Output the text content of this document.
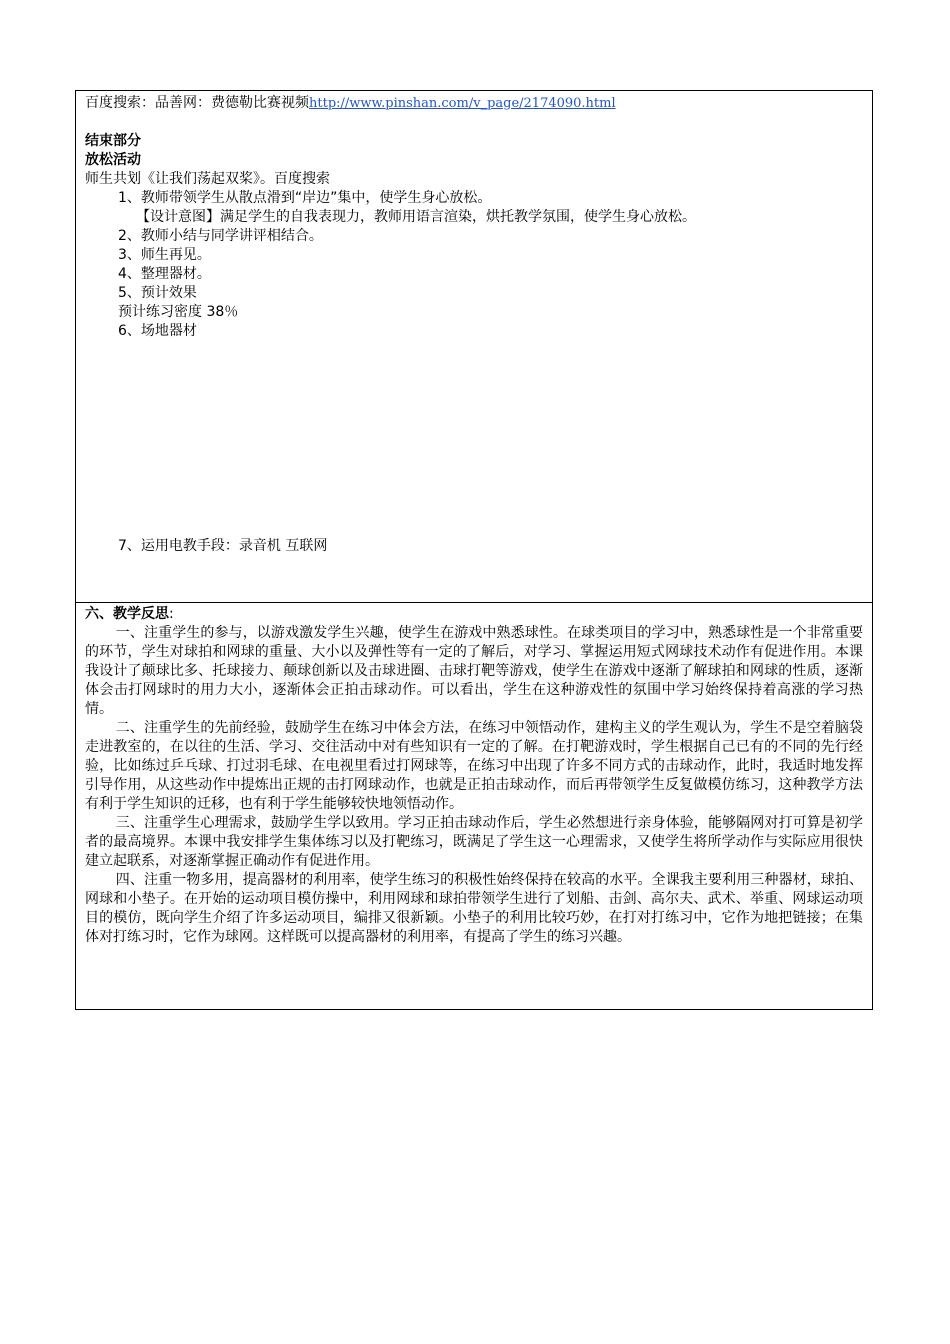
百度搜索：品善网：费德勒比赛视频http://www.pinshan.com/v_page/2174090.html
结束部分
放松活动
师生共划《让我们荡起双桨》。百度搜索
1、教师带领学生从散点滑到“岸边”集中，使学生身心放松。
【设计意图】满足学生的自我表现力，教师用语言渲染，烘托教学氛围，使学生身心放松。
2、教师小结与同学讲评相结合。
3、师生再见。
4、整理器材。
5、预计效果
预计练习密度 38％
6、场地器材
7、运用电教手段：录音机 互联网
六、教学反思:

一、注重学生的参与，以游戏激发学生兴趣，使学生在游戏中熟悉球性。在球类项目的学习中，熟悉球性是一个非常重要的环节，学生对球拍和网球的重量、大小以及弹性等有一定的了解后，对学习、掌握运用短式网球技术动作有促进作用。本课我设计了颠球比多、托球接力、颠球创新以及击球进圈、击球打靶等游戏，使学生在游戏中逐渐了解球拍和网球的性质，逐渐体会击打网球时的用力大小，逐渐体会正拍击球动作。可以看出，学生在这种游戏性的氛围中学习始终保持着高涨的学习热情。

二、注重学生的先前经验，鼓励学生在练习中体会方法，在练习中领悟动作，建构主义的学生观认为，学生不是空着脑袋走进教室的，在以往的生活、学习、交往活动中对有些知识有一定的了解。在打靶游戏时，学生根据自己已有的不同的先行经验，比如练过乒乓球、打过羽毛球、在电视里看过打网球等，在练习中出现了许多不同方式的击球动作，此时，我适时地发挥引导作用，从这些动作中提炼出正规的击打网球动作，也就是正拍击球动作，而后再带领学生反复做模仿练习，这种教学方法有利于学生知识的迁移，也有利于学生能够较快地领悟动作。

三、注重学生心理需求，鼓励学生学以致用。学习正拍击球动作后，学生必然想进行亲身体验，能够隔网对打可算是初学者的最高境界。本课中我安排学生集体练习以及打靶练习，既满足了学生这一心理需求，又使学生将所学动作与实际应用很快建立起联系，对逐渐掌握正确动作有促进作用。

四、注重一物多用，提高器材的利用率，使学生练习的积极性始终保持在较高的水平。全课我主要利用三种器材，球拍、网球和小垫子。在开始的运动项目模仿操中，利用网球和球拍带领学生进行了划船、击剑、高尔夫、武术、举重、网球运动项目的模仿，既向学生介绍了许多运动项目，编排又很新颖。小垫子的利用比较巧妙，在打对打练习中，它作为地把链接；在集体对打练习时，它作为球网。这样既可以提高器材的利用率，有提高了学生的练习兴趣。
